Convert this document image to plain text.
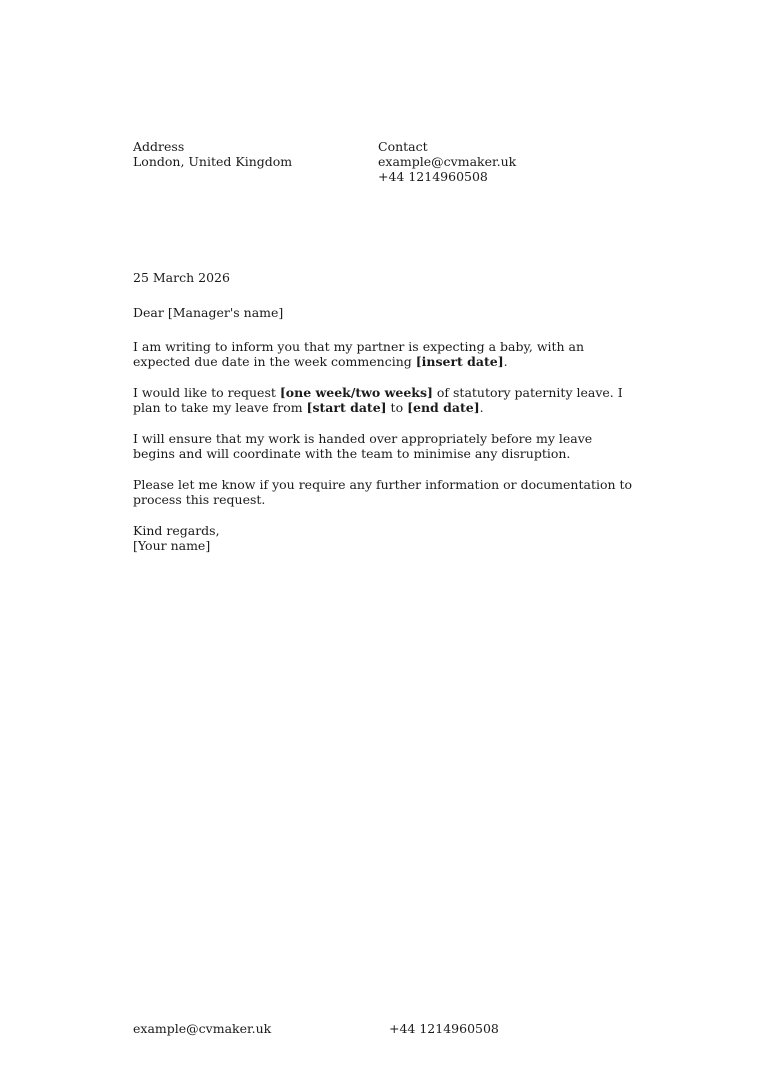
Address
London, United Kingdom
Contact
example@cvmaker.uk
+44 1214960508

25 March 2026

Dear [Manager's name]

I am writing to inform you that my partner is expecting a baby, with an expected due date in the week commencing [insert date].

I would like to request [one week/two weeks] of statutory paternity leave. I plan to take my leave from [start date] to [end date].

I will ensure that my work is handed over appropriately before my leave begins and will coordinate with the team to minimise any disruption.

Please let me know if you require any further information or documentation to process this request.

Kind regards,
[Your name]

example@cvmaker.uk	+44 1214960508
